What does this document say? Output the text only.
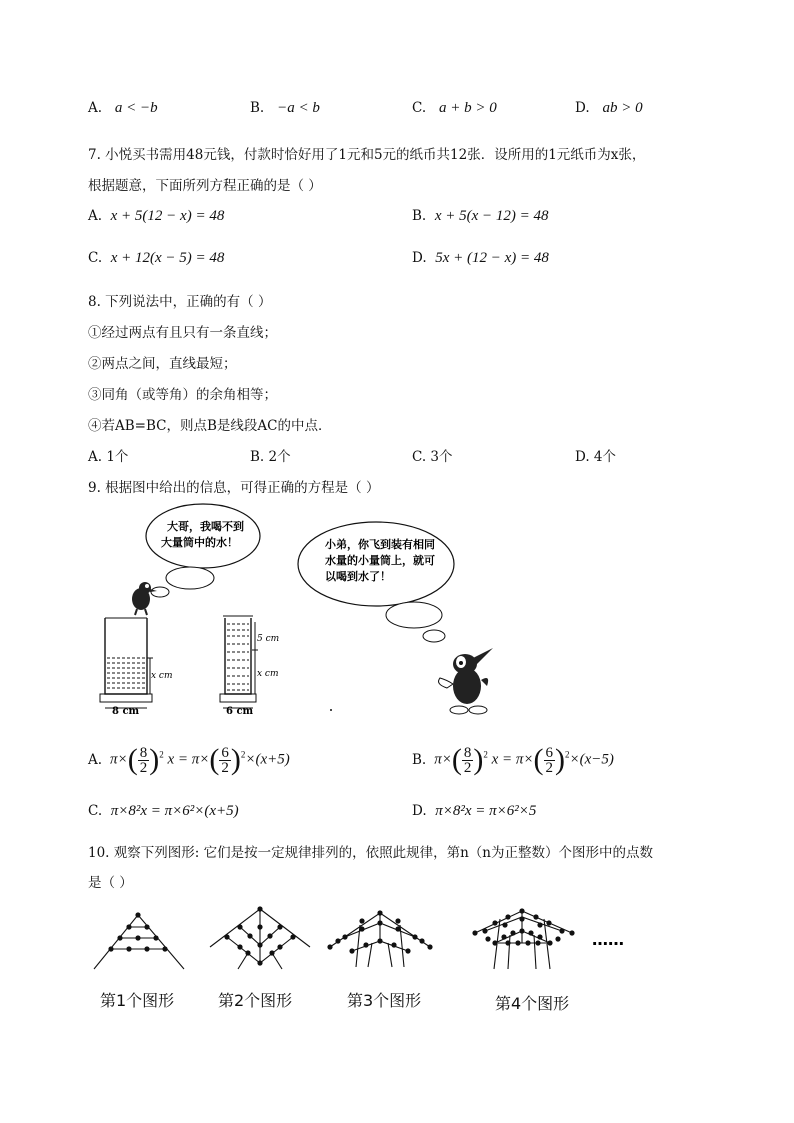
A. a < −b	B. −a < b	C. a + b > 0	D. ab > 0
7. 小悦买书需用48元钱，付款时恰好用了1元和5元的纸币共12张．设所用的1元纸币为x张，
根据题意，下面所列方程正确的是（ ）
A. x + 5(12 − x) = 48	B. x + 5(x − 12) = 48
C. x + 12(x − 5) = 48	D. 5x + (12 − x) = 48
8. 下列说法中，正确的有（ ）
①经过两点有且只有一条直线；
②两点之间，直线最短；
③同角（或等角）的余角相等；
④若AB=BC，则点B是线段AC的中点．
A. 1个	B. 2个	C. 3个	D. 4个
9. 根据图中给出的信息，可得正确的方程是（ ）
大哥，我喝不到
大量筒中的水！	小弟，你飞到装有相同
水量的小量筒上，就可
以喝到水了！
x cm
8 cm
5 cm
x cm
6 cm
A. $\pi\times( \frac{8}{2} )^2$ $x = \pi\times( \frac{6}{2} )^2\times(x+5)$	B. $\pi\times( \frac{8}{2} )^2$ $x = \pi\times( \frac{6}{2} )^2\times(x-5)$
C. π×8²x = π×6²×(x+5)	D. π×8²x = π×6²×5
10. 观察下列图形: 它们是按一定规律排列的，依照此规律，第n（n为正整数）个图形中的点数
是（ ）
……
第1个图形	第2个图形	第3个图形	第4个图形
